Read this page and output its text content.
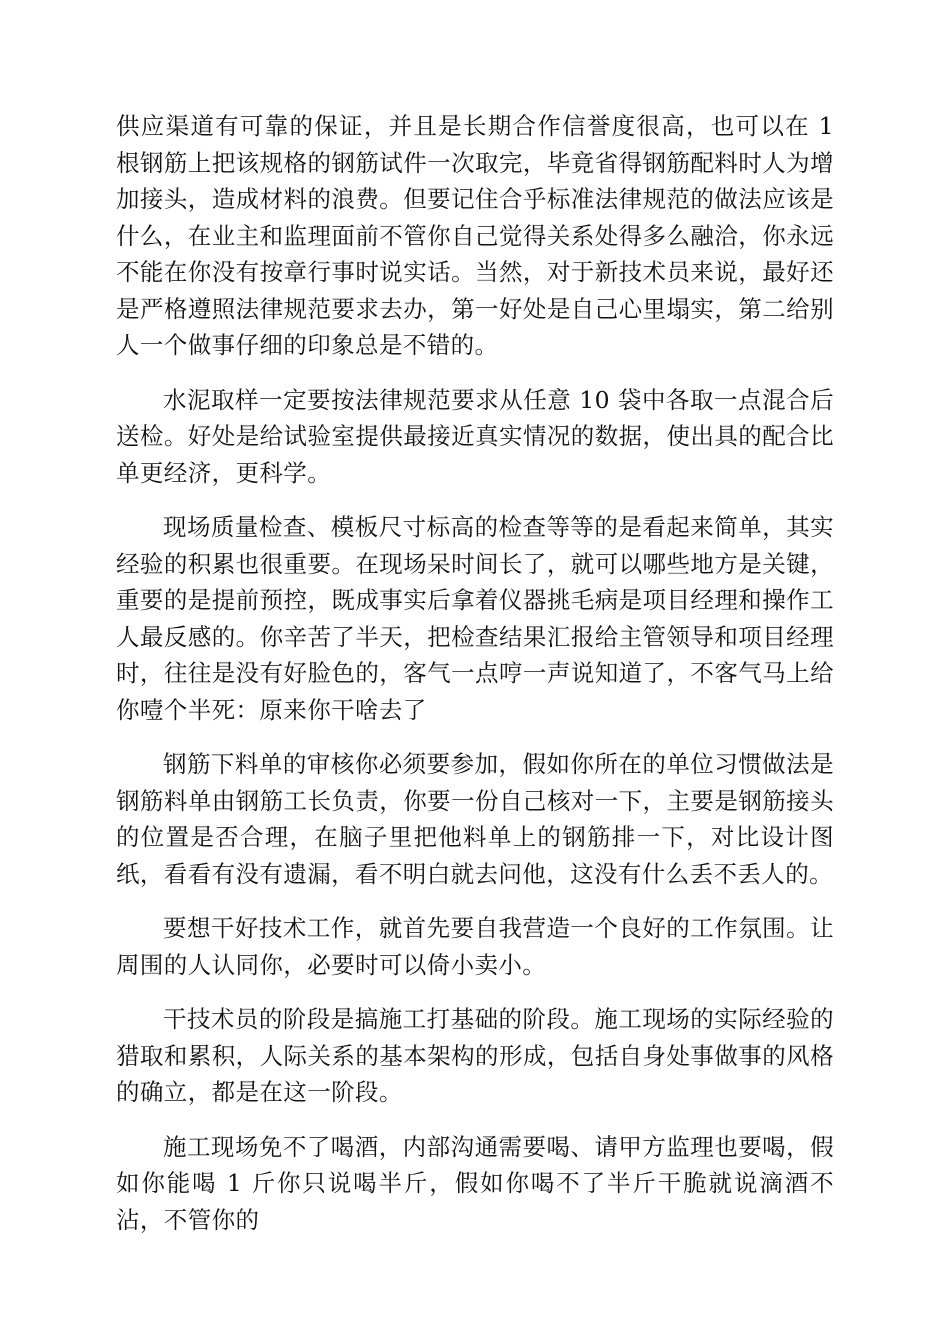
供应渠道有可靠的保证，并且是长期合作信誉度很高，也可以在 1 根钢筋上把该规格的钢筋试件一次取完，毕竟省得钢筋配料时人为增加接头，造成材料的浪费。但要记住合乎标准法律规范的做法应该是什么，在业主和监理面前不管你自己觉得关系处得多么融洽，你永远不能在你没有按章行事时说实话。当然，对于新技术员来说，最好还是严格遵照法律规范要求去办，第一好处是自己心里塌实，第二给别人一个做事仔细的印象总是不错的。

水泥取样一定要按法律规范要求从任意 10 袋中各取一点混合后送检。好处是给试验室提供最接近真实情况的数据，使出具的配合比单更经济，更科学。

现场质量检查、模板尺寸标高的检查等等的是看起来简单，其实经验的积累也很重要。在现场呆时间长了，就可以哪些地方是关键，重要的是提前预控，既成事实后拿着仪器挑毛病是项目经理和操作工人最反感的。你辛苦了半天，把检查结果汇报给主管领导和项目经理时，往往是没有好脸色的，客气一点哼一声说知道了，不客气马上给你噎个半死：原来你干啥去了

钢筋下料单的审核你必须要参加，假如你所在的单位习惯做法是钢筋料单由钢筋工长负责，你要一份自己核对一下，主要是钢筋接头的位置是否合理，在脑子里把他料单上的钢筋排一下，对比设计图纸，看看有没有遗漏，看不明白就去问他，这没有什么丢不丢人的。

要想干好技术工作，就首先要自我营造一个良好的工作氛围。让周围的人认同你，必要时可以倚小卖小。

干技术员的阶段是搞施工打基础的阶段。施工现场的实际经验的猎取和累积，人际关系的基本架构的形成，包括自身处事做事的风格的确立，都是在这一阶段。

施工现场免不了喝酒，内部沟通需要喝、请甲方监理也要喝，假如你能喝 1 斤你只说喝半斤，假如你喝不了半斤干脆就说滴酒不沾，不管你的
